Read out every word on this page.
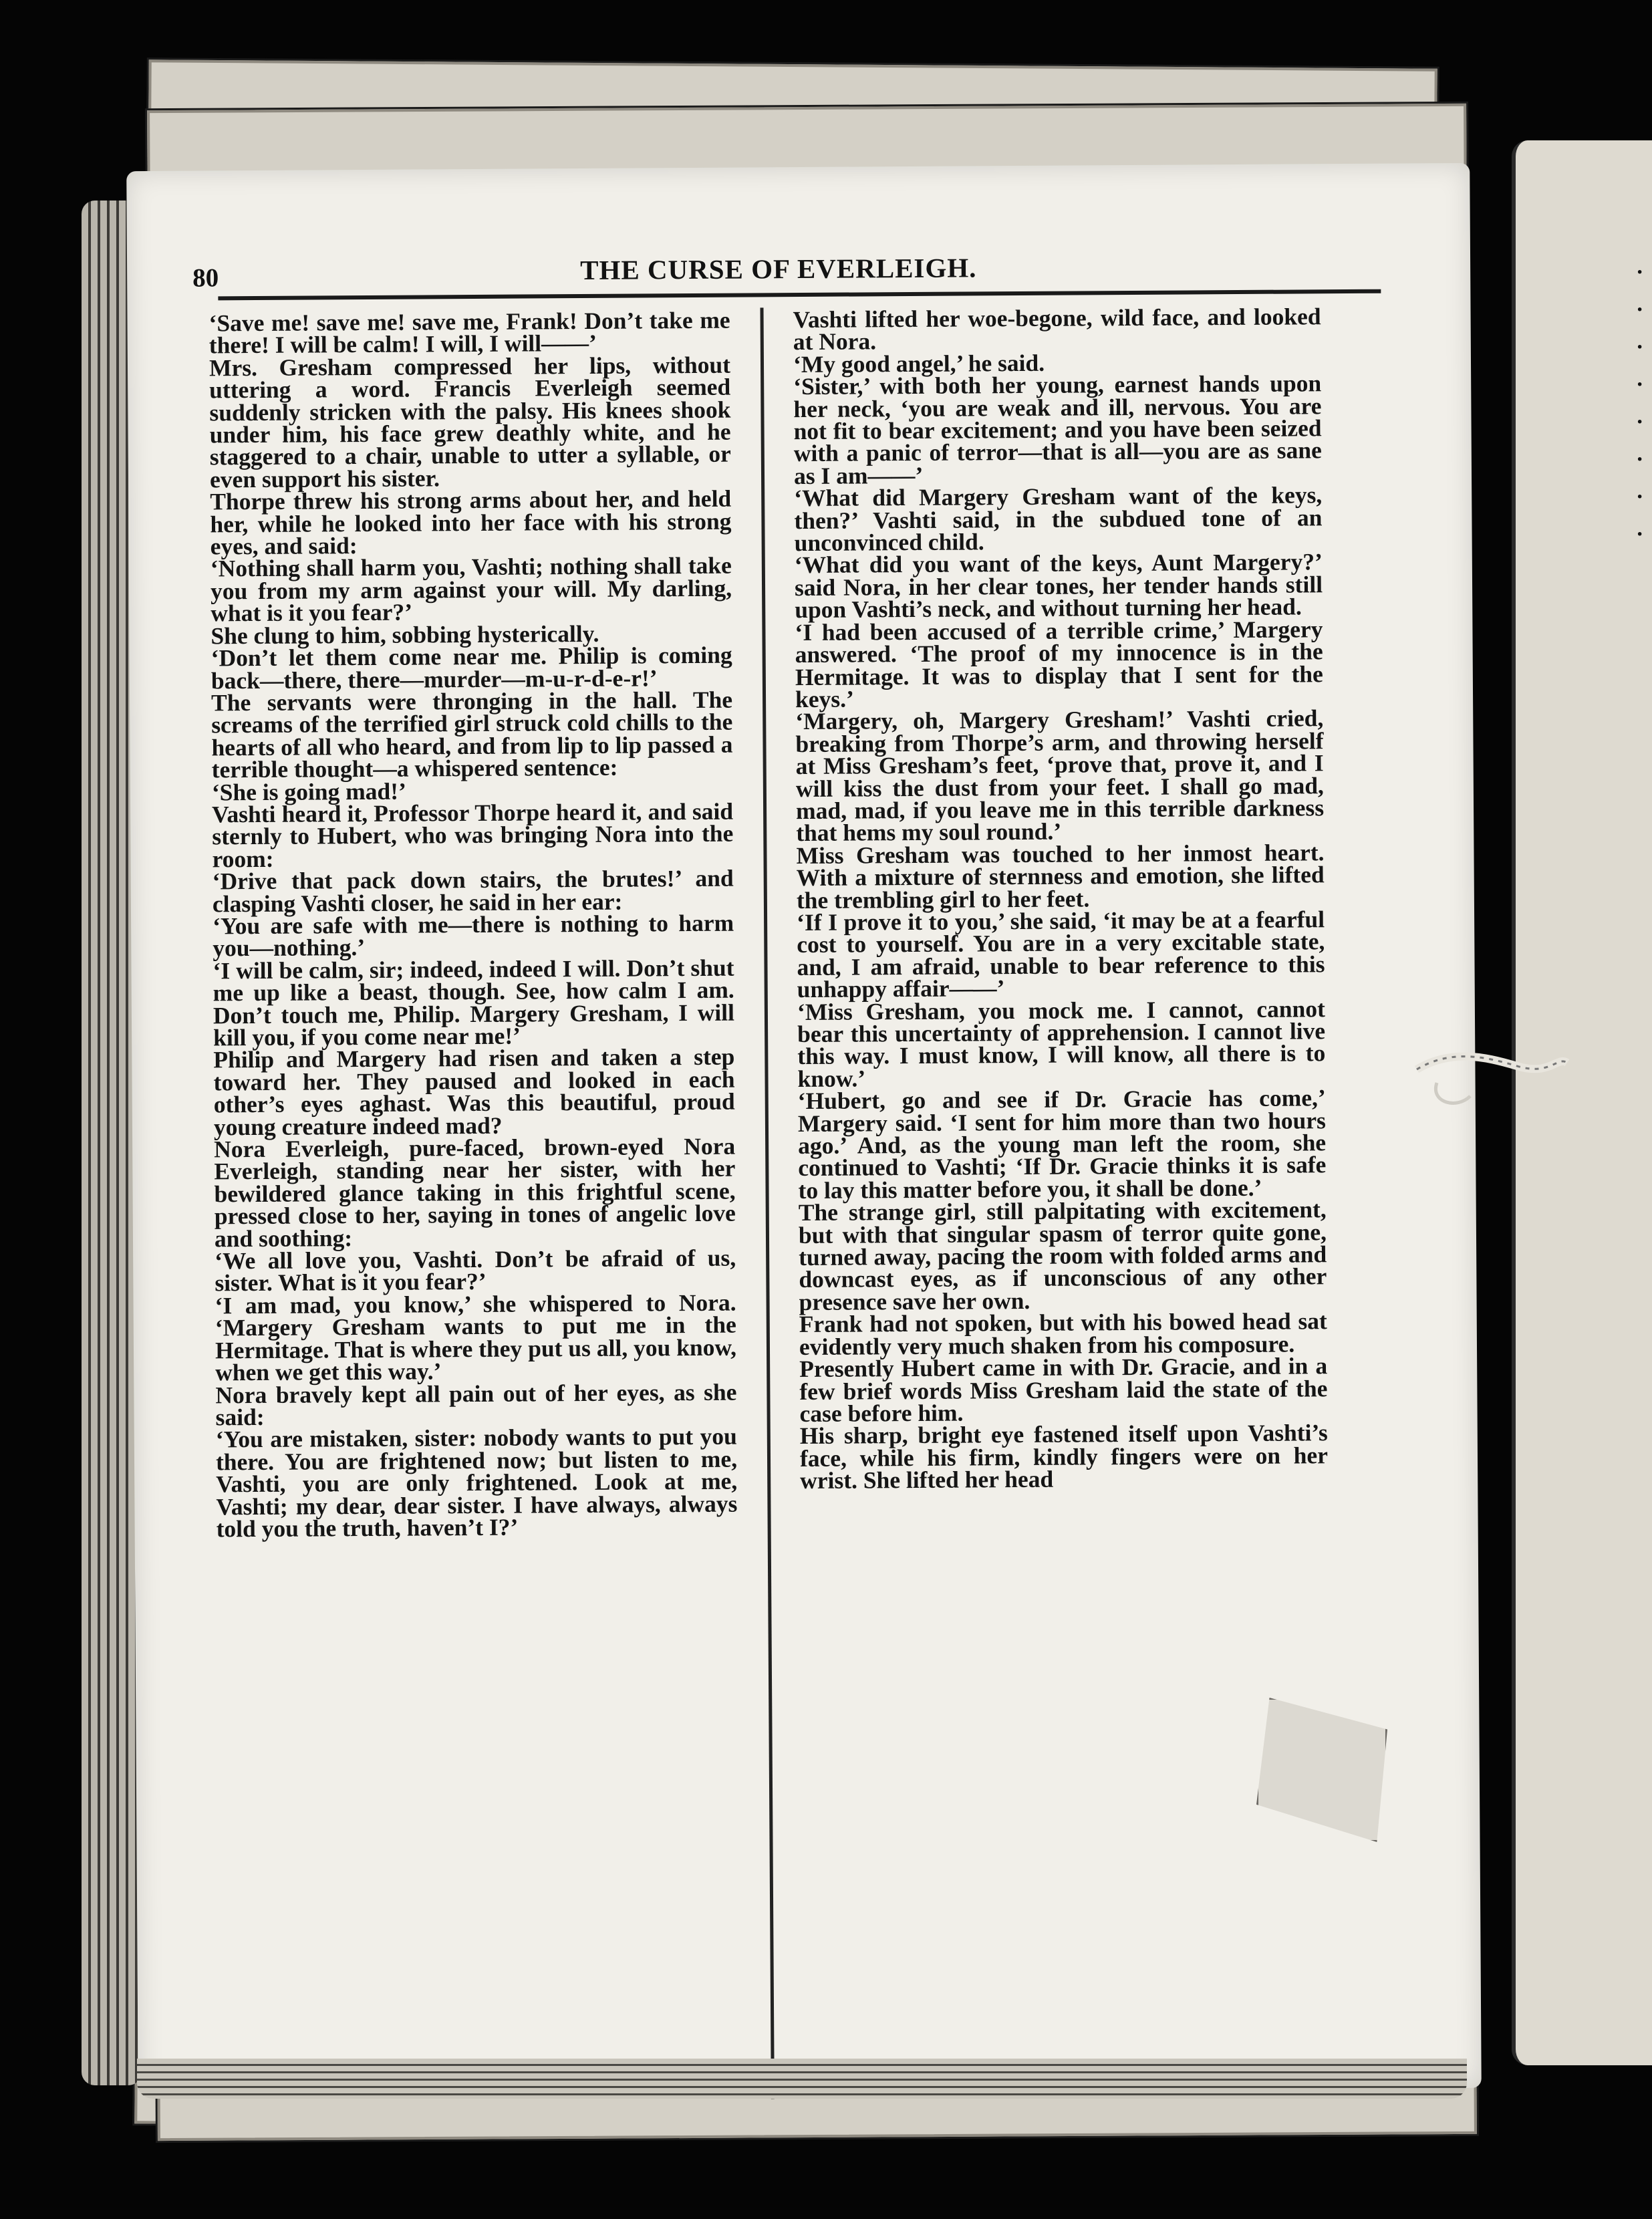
·
·
·
·
·
·
·
·
80	THE CURSE OF EVERLEIGH.

‘Save me! save me! save me, Frank! Don’t take me there! I will be calm! I will, I will——’

Mrs. Gresham compressed her lips, without uttering a word. Francis Everleigh seemed suddenly stricken with the palsy. His knees shook under him, his face grew deathly white, and he staggered to a chair, unable to utter a syllable, or even support his sister.

Thorpe threw his strong arms about her, and held her, while he looked into her face with his strong eyes, and said:

‘Nothing shall harm you, Vashti; nothing shall take you from my arm against your will. My darling, what is it you fear?’

She clung to him, sobbing hysterically.

‘Don’t let them come near me. Philip is coming back—there, there—murder—m-u-r-d-e-r!’

The servants were thronging in the hall. The screams of the terrified girl struck cold chills to the hearts of all who heard, and from lip to lip passed a terrible thought—a whispered sentence:

‘She is going mad!’

Vashti heard it, Professor Thorpe heard it, and said sternly to Hubert, who was bringing Nora into the room:

‘Drive that pack down stairs, the brutes!’ and clasping Vashti closer, he said in her ear:

‘You are safe with me—there is nothing to harm you—nothing.’

‘I will be calm, sir; indeed, indeed I will. Don’t shut me up like a beast, though. See, how calm I am. Don’t touch me, Philip. Margery Gresham, I will kill you, if you come near me!’

Philip and Margery had risen and taken a step toward her. They paused and looked in each other’s eyes aghast. Was this beautiful, proud young creature indeed mad?

Nora Everleigh, pure-faced, brown-eyed Nora Everleigh, standing near her sister, with her bewildered glance taking in this frightful scene, pressed close to her, saying in tones of angelic love and soothing:

‘We all love you, Vashti. Don’t be afraid of us, sister. What is it you fear?’

‘I am mad, you know,’ she whispered to Nora. ‘Margery Gresham wants to put me in the Hermitage. That is where they put us all, you know, when we get this way.’

Nora bravely kept all pain out of her eyes, as she said:

‘You are mistaken, sister: nobody wants to put you there. You are frightened now; but listen to me, Vashti, you are only frightened. Look at me, Vashti; my dear, dear sister. I have always, always told you the truth, haven’t I?’

Vashti lifted her woe-begone, wild face, and looked at Nora.

‘My good angel,’ he said.

‘Sister,’ with both her young, earnest hands upon her neck, ‘you are weak and ill, nervous. You are not fit to bear excitement; and you have been seized with a panic of terror—that is all—you are as sane as I am——’

‘What did Margery Gresham want of the keys, then?’ Vashti said, in the subdued tone of an unconvinced child.

‘What did you want of the keys, Aunt Margery?’ said Nora, in her clear tones, her tender hands still upon Vashti’s neck, and without turning her head.

‘I had been accused of a terrible crime,’ Margery answered. ‘The proof of my innocence is in the Hermitage. It was to display that I sent for the keys.’

‘Margery, oh, Margery Gresham!’ Vashti cried, breaking from Thorpe’s arm, and throwing herself at Miss Gresham’s feet, ‘prove that, prove it, and I will kiss the dust from your feet. I shall go mad, mad, mad, if you leave me in this terrible darkness that hems my soul round.’

Miss Gresham was touched to her inmost heart. With a mixture of sternness and emotion, she lifted the trembling girl to her feet.

‘If I prove it to you,’ she said, ‘it may be at a fearful cost to yourself. You are in a very excitable state, and, I am afraid, unable to bear reference to this unhappy affair——’

‘Miss Gresham, you mock me. I cannot, cannot bear this uncertainty of apprehension. I cannot live this way. I must know, I will know, all there is to know.’

‘Hubert, go and see if Dr. Gracie has come,’ Margery said. ‘I sent for him more than two hours ago.’ And, as the young man left the room, she continued to Vashti; ‘If Dr. Gracie thinks it is safe to lay this matter before you, it shall be done.’

The strange girl, still palpitating with excitement, but with that singular spasm of terror quite gone, turned away, pacing the room with folded arms and downcast eyes, as if unconscious of any other presence save her own.

Frank had not spoken, but with his bowed head sat evidently very much shaken from his composure.

Presently Hubert came in with Dr. Gracie, and in a few brief words Miss Gresham laid the state of the case before him.

His sharp, bright eye fastened itself upon Vashti’s face, while his firm, kindly fingers were on her wrist. She lifted her head
